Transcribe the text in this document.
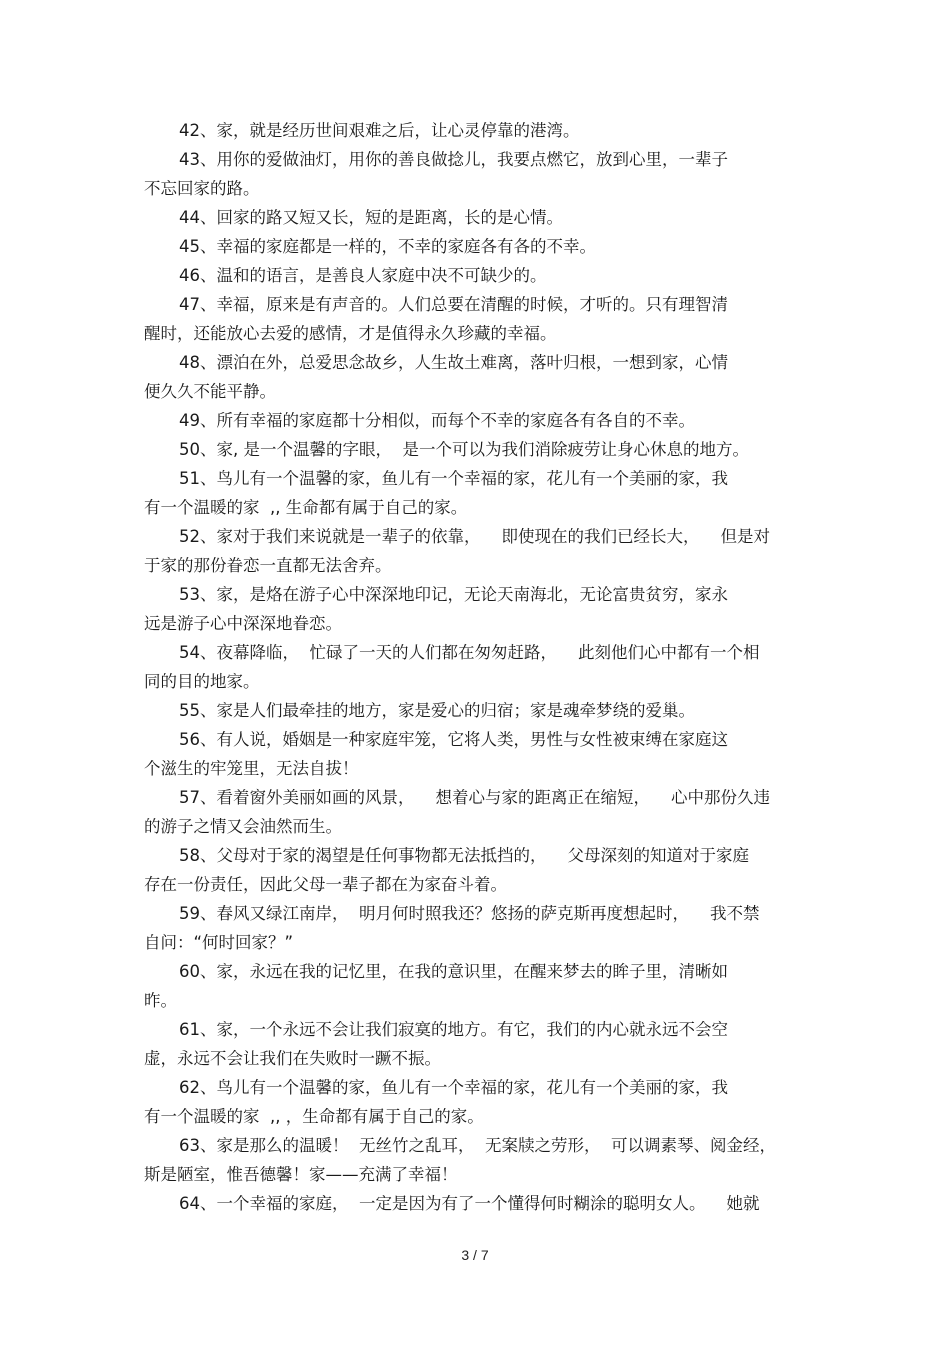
42、家，就是经历世间艰难之后，让心灵停靠的港湾。
43、用你的爱做油灯，用你的善良做捻儿，我要点燃它，放到心里，一辈子
不忘回家的路。
44、回家的路又短又长，短的是距离，长的是心情。
45、幸福的家庭都是一样的，不幸的家庭各有各的不幸。
46、温和的语言，是善良人家庭中决不可缺少的。
47、幸福，原来是有声音的。人们总要在清醒的时候，才听的。只有理智清
醒时，还能放心去爱的感情，才是值得永久珍藏的幸福。
48、漂泊在外，总爱思念故乡，人生故土难离，落叶归根，一想到家，心情
便久久不能平静。
49、所有幸福的家庭都十分相似，而每个不幸的家庭各有各自的不幸。
50、家, 是一个温馨的字眼，  是一个可以为我们消除疲劳让身心休息的地方。
51、鸟儿有一个温馨的家，鱼儿有一个幸福的家，花儿有一个美丽的家，我
有一个温暖的家  ,, 生命都有属于自己的家。
52、家对于我们来说就是一辈子的依靠，    即使现在的我们已经长大，    但是对
于家的那份眷恋一直都无法舍弃。
53、家，是烙在游子心中深深地印记，无论天南海北，无论富贵贫穷，家永
远是游子心中深深地眷恋。
54、夜幕降临，  忙碌了一天的人们都在匆匆赶路，    此刻他们心中都有一个相
同的目的地家。
55、家是人们最牵挂的地方，家是爱心的归宿；家是魂牵梦绕的爱巢。
56、有人说，婚姻是一种家庭牢笼，它将人类，男性与女性被束缚在家庭这
个滋生的牢笼里，无法自拔！
57、看着窗外美丽如画的风景，    想着心与家的距离正在缩短，    心中那份久违
的游子之情又会油然而生。
58、父母对于家的渴望是任何事物都无法抵挡的，    父母深刻的知道对于家庭
存在一份责任，因此父母一辈子都在为家奋斗着。
59、春风又绿江南岸，  明月何时照我还？悠扬的萨克斯再度想起时，    我不禁
自问：“何时回家？”
60、家，永远在我的记忆里，在我的意识里，在醒来梦去的眸子里，清晰如
昨。
61、家，一个永远不会让我们寂寞的地方。有它，我们的内心就永远不会空
虚，永远不会让我们在失败时一蹶不振。
62、鸟儿有一个温馨的家，鱼儿有一个幸福的家，花儿有一个美丽的家，我
有一个温暖的家  ,, ，生命都有属于自己的家。
63、家是那么的温暖！  无丝竹之乱耳，  无案牍之劳形，  可以调素琴、阅金经，
斯是陋室，惟吾德馨！家——充满了幸福！
64、一个幸福的家庭，  一定是因为有了一个懂得何时糊涂的聪明女人。    她就
3 / 7
